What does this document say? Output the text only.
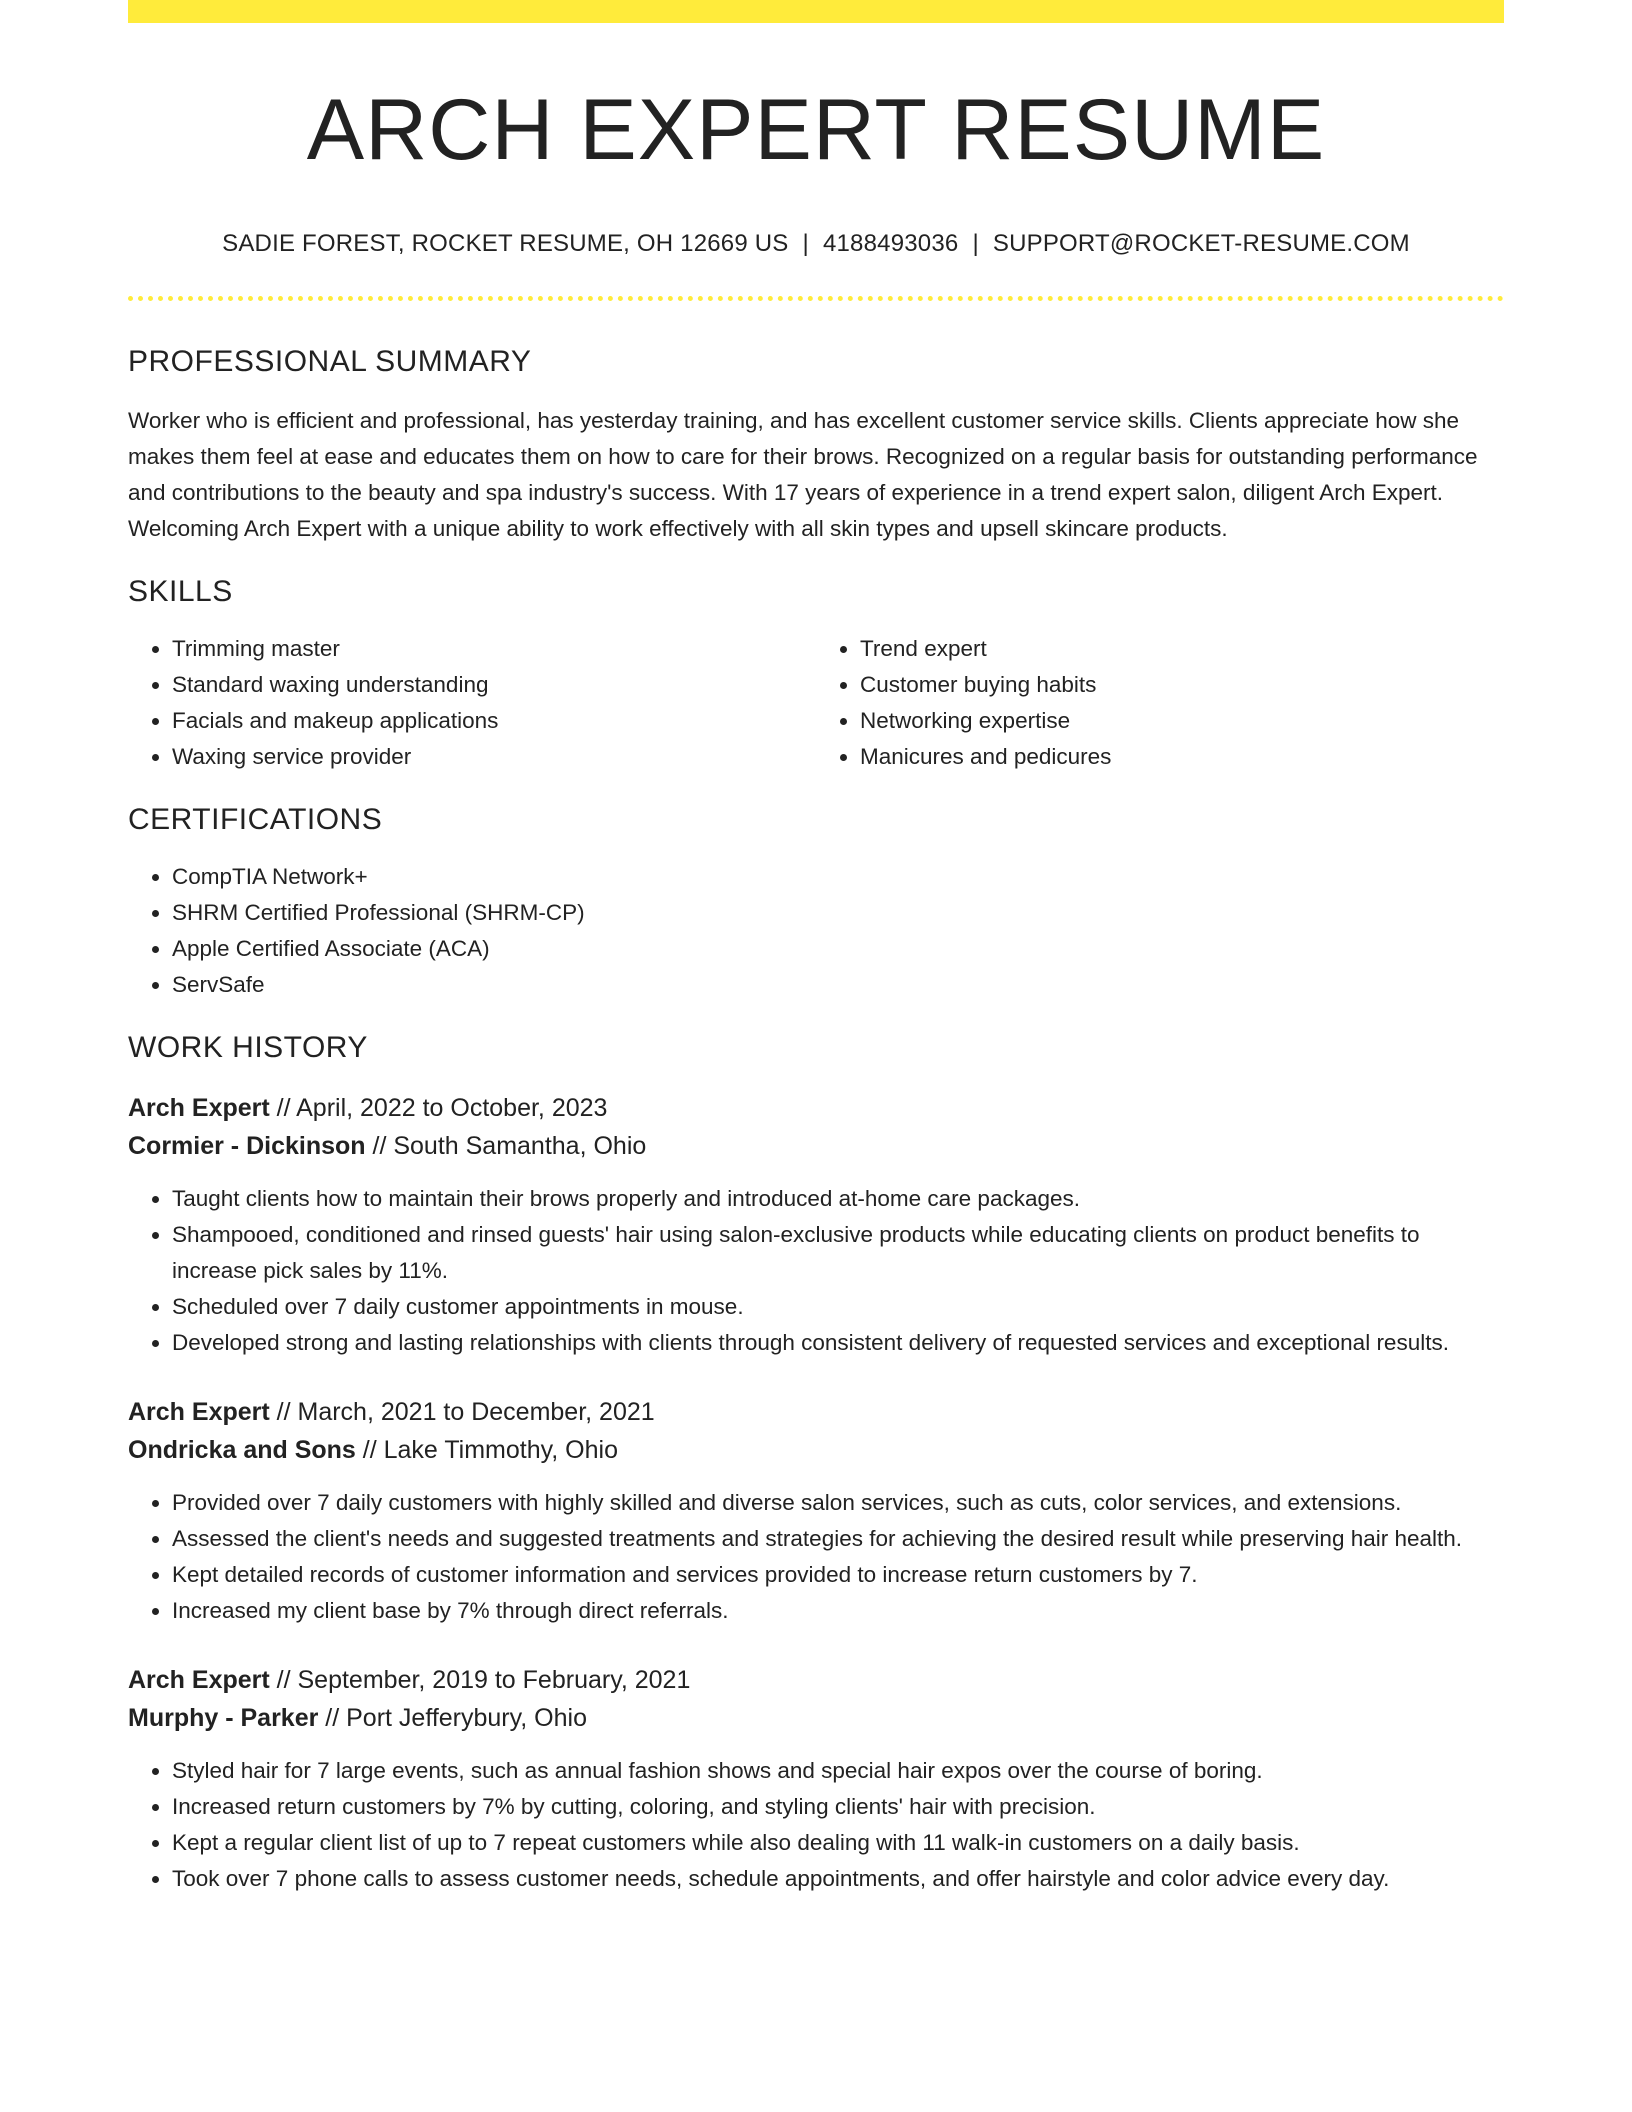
ARCH EXPERT RESUME
SADIE FOREST, ROCKET RESUME, OH 12669 US | 4188493036 | SUPPORT@ROCKET-RESUME.COM
PROFESSIONAL SUMMARY
Worker who is efficient and professional, has yesterday training, and has excellent customer service skills. Clients appreciate how she makes them feel at ease and educates them on how to care for their brows. Recognized on a regular basis for outstanding performance and contributions to the beauty and spa industry's success. With 17 years of experience in a trend expert salon, diligent Arch Expert. Welcoming Arch Expert with a unique ability to work effectively with all skin types and upsell skincare products.
SKILLS
• Trimming master
• Standard waxing understanding
• Facials and makeup applications
• Waxing service provider
• Trend expert
• Customer buying habits
• Networking expertise
• Manicures and pedicures
CERTIFICATIONS
• CompTIA Network+
• SHRM Certified Professional (SHRM-CP)
• Apple Certified Associate (ACA)
• ServSafe
WORK HISTORY
Arch Expert // April, 2022 to October, 2023
Cormier - Dickinson // South Samantha, Ohio
• Taught clients how to maintain their brows properly and introduced at-home care packages.
• Shampooed, conditioned and rinsed guests' hair using salon-exclusive products while educating clients on product benefits to increase pick sales by 11%.
• Scheduled over 7 daily customer appointments in mouse.
• Developed strong and lasting relationships with clients through consistent delivery of requested services and exceptional results.
Arch Expert // March, 2021 to December, 2021
Ondricka and Sons // Lake Timmothy, Ohio
• Provided over 7 daily customers with highly skilled and diverse salon services, such as cuts, color services, and extensions.
• Assessed the client's needs and suggested treatments and strategies for achieving the desired result while preserving hair health.
• Kept detailed records of customer information and services provided to increase return customers by 7.
• Increased my client base by 7% through direct referrals.
Arch Expert // September, 2019 to February, 2021
Murphy - Parker // Port Jefferybury, Ohio
• Styled hair for 7 large events, such as annual fashion shows and special hair expos over the course of boring.
• Increased return customers by 7% by cutting, coloring, and styling clients' hair with precision.
• Kept a regular client list of up to 7 repeat customers while also dealing with 11 walk-in customers on a daily basis.
• Took over 7 phone calls to assess customer needs, schedule appointments, and offer hairstyle and color advice every day.
